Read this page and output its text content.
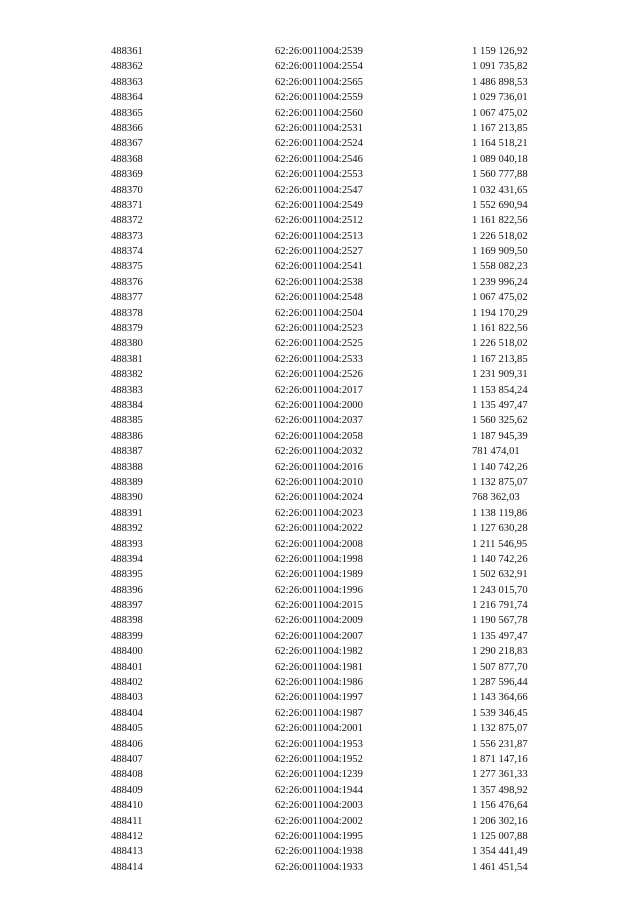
488361	62:26:0011004:2539	1 159 126,92
488362	62:26:0011004:2554	1 091 735,82
488363	62:26:0011004:2565	1 486 898,53
488364	62:26:0011004:2559	1 029 736,01
488365	62:26:0011004:2560	1 067 475,02
488366	62:26:0011004:2531	1 167 213,85
488367	62:26:0011004:2524	1 164 518,21
488368	62:26:0011004:2546	1 089 040,18
488369	62:26:0011004:2553	1 560 777,88
488370	62:26:0011004:2547	1 032 431,65
488371	62:26:0011004:2549	1 552 690,94
488372	62:26:0011004:2512	1 161 822,56
488373	62:26:0011004:2513	1 226 518,02
488374	62:26:0011004:2527	1 169 909,50
488375	62:26:0011004:2541	1 558 082,23
488376	62:26:0011004:2538	1 239 996,24
488377	62:26:0011004:2548	1 067 475,02
488378	62:26:0011004:2504	1 194 170,29
488379	62:26:0011004:2523	1 161 822,56
488380	62:26:0011004:2525	1 226 518,02
488381	62:26:0011004:2533	1 167 213,85
488382	62:26:0011004:2526	1 231 909,31
488383	62:26:0011004:2017	1 153 854,24
488384	62:26:0011004:2000	1 135 497,47
488385	62:26:0011004:2037	1 560 325,62
488386	62:26:0011004:2058	1 187 945,39
488387	62:26:0011004:2032	781 474,01
488388	62:26:0011004:2016	1 140 742,26
488389	62:26:0011004:2010	1 132 875,07
488390	62:26:0011004:2024	768 362,03
488391	62:26:0011004:2023	1 138 119,86
488392	62:26:0011004:2022	1 127 630,28
488393	62:26:0011004:2008	1 211 546,95
488394	62:26:0011004:1998	1 140 742,26
488395	62:26:0011004:1989	1 502 632,91
488396	62:26:0011004:1996	1 243 015,70
488397	62:26:0011004:2015	1 216 791,74
488398	62:26:0011004:2009	1 190 567,78
488399	62:26:0011004:2007	1 135 497,47
488400	62:26:0011004:1982	1 290 218,83
488401	62:26:0011004:1981	1 507 877,70
488402	62:26:0011004:1986	1 287 596,44
488403	62:26:0011004:1997	1 143 364,66
488404	62:26:0011004:1987	1 539 346,45
488405	62:26:0011004:2001	1 132 875,07
488406	62:26:0011004:1953	1 556 231,87
488407	62:26:0011004:1952	1 871 147,16
488408	62:26:0011004:1239	1 277 361,33
488409	62:26:0011004:1944	1 357 498,92
488410	62:26:0011004:2003	1 156 476,64
488411	62:26:0011004:2002	1 206 302,16
488412	62:26:0011004:1995	1 125 007,88
488413	62:26:0011004:1938	1 354 441,49
488414	62:26:0011004:1933	1 461 451,54
